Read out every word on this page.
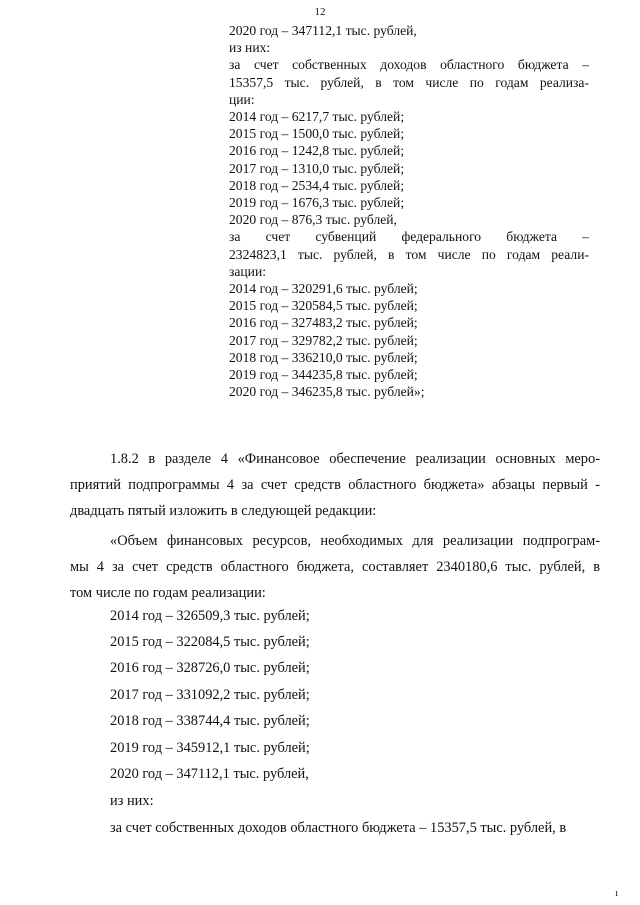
12
2020 год – 347112,1 тыс. рублей,
из них:
за счет собственных доходов областного бюджета –
15357,5 тыс. рублей, в том числе по годам реализа-
ции:
2014 год – 6217,7 тыс. рублей;
2015 год – 1500,0 тыс. рублей;
2016 год – 1242,8 тыс. рублей;
2017 год – 1310,0 тыс. рублей;
2018 год – 2534,4 тыс. рублей;
2019 год – 1676,3 тыс. рублей;
2020 год – 876,3 тыс. рублей,
за счет субвенций федерального бюджета –
2324823,1 тыс. рублей, в том числе по годам реали-
зации:
2014 год – 320291,6 тыс. рублей;
2015 год – 320584,5 тыс. рублей;
2016 год – 327483,2 тыс. рублей;
2017 год – 329782,2 тыс. рублей;
2018 год – 336210,0 тыс. рублей;
2019 год – 344235,8 тыс. рублей;
2020 год – 346235,8 тыс. рублей»;
1.8.2 в разделе 4 «Финансовое обеспечение реализации основных меро-
приятий подпрограммы 4 за счет средств областного бюджета» абзацы первый -
двадцать пятый изложить в следующей редакции:
«Объем финансовых ресурсов, необходимых для реализации подпрограм-
мы 4 за счет средств областного бюджета, составляет 2340180,6 тыс. рублей, в
том числе по годам реализации:
2014 год – 326509,3 тыс. рублей;
2015 год – 322084,5 тыс. рублей;
2016 год – 328726,0 тыс. рублей;
2017 год – 331092,2 тыс. рублей;
2018 год – 338744,4 тыс. рублей;
2019 год – 345912,1 тыс. рублей;
2020 год – 347112,1 тыс. рублей,
из них:
за счет собственных доходов областного бюджета – 15357,5 тыс. рублей, в
ı
